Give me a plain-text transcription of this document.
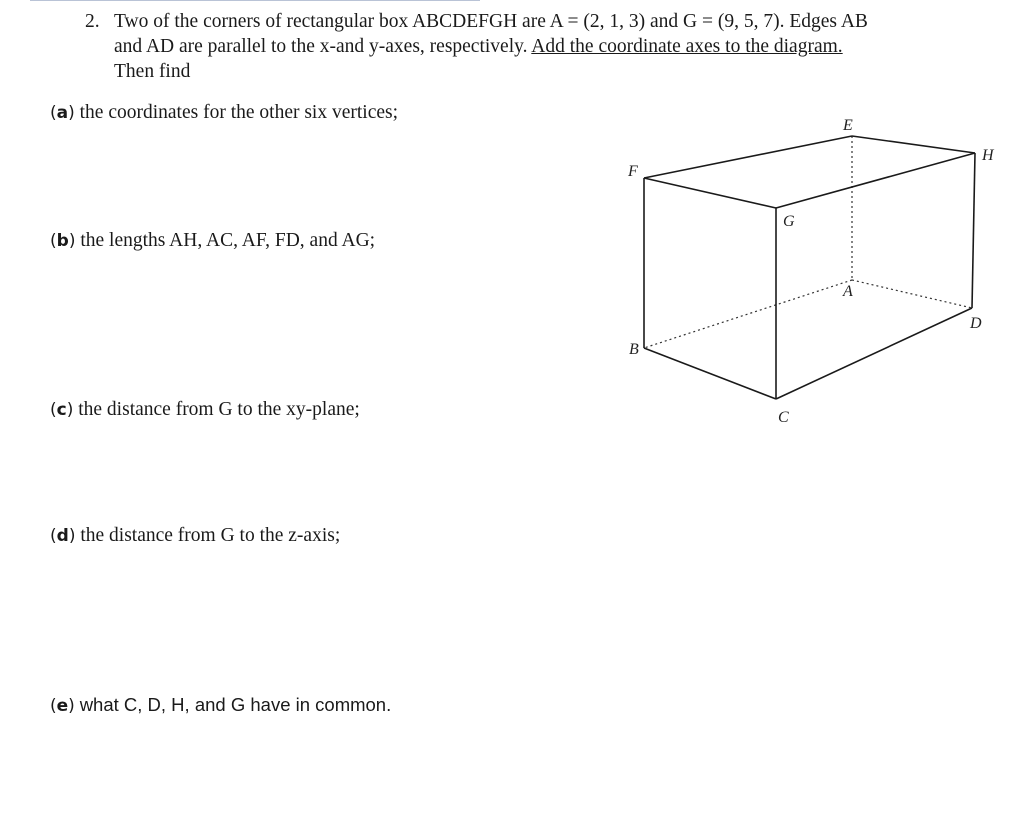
2. Two of the corners of rectangular box ABCDEFGH are A = (2, 1, 3) and G = (9, 5, 7). Edges AB
and AD are parallel to the x-and y-axes, respectively. Add the coordinate axes to the diagram.
Then find
(a) the coordinates for the other six vertices;
(b) the lengths AH, AC, AF, FD, and AG;
(c) the distance from G to the xy-plane;
(d) the distance from G to the z-axis;
(e) what C, D, H, and G have in common.
E
F
H
G
A
D
B
C
